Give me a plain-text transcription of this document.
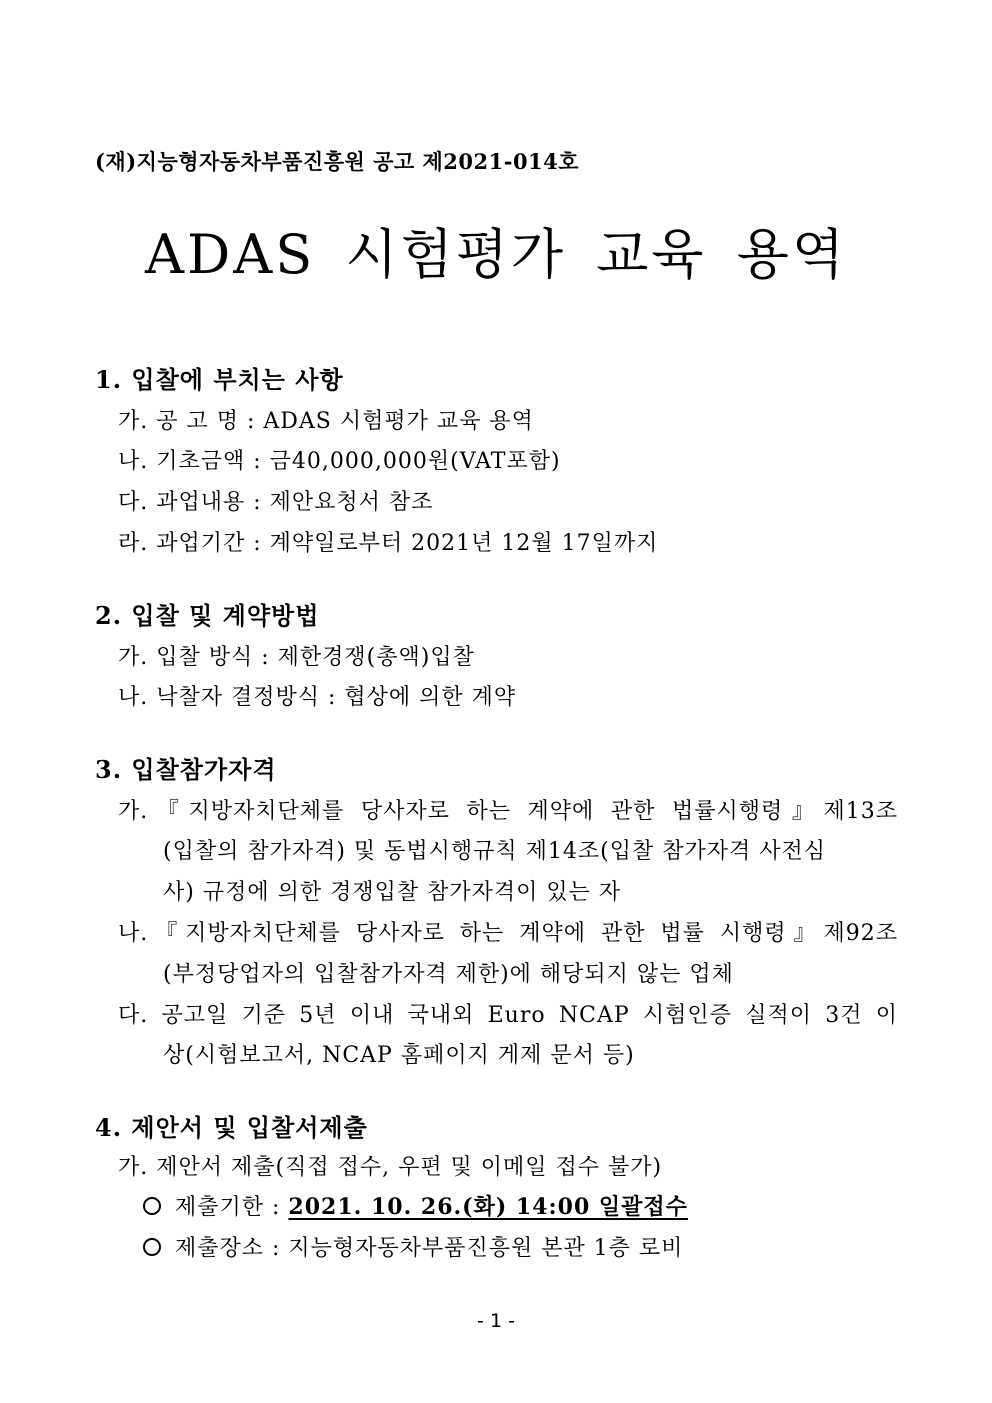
(재)지능형자동차부품진흥원 공고 제2021-014호
ADAS 시험평가 교육 용역
1. 입찰에 부치는 사항
가. 공 고 명 : ADAS 시험평가 교육 용역
나. 기초금액 : 금40,000,000원(VAT포함)
다. 과업내용 : 제안요청서 참조
라. 과업기간 : 계약일로부터 2021년 12월 17일까지
2. 입찰 및 계약방법
가. 입찰 방식 : 제한경쟁(총액)입찰
나. 낙찰자 결정방식 : 협상에 의한 계약
3. 입찰참가자격
가.『지방자치단체를 당사자로 하는 계약에 관한 법률시행령』제13조
(입찰의 참가자격) 및 동법시행규칙 제14조(입찰 참가자격 사전심
사) 규정에 의한 경쟁입찰 참가자격이 있는 자
나.『지방자치단체를 당사자로 하는 계약에 관한 법률 시행령』제92조
(부정당업자의 입찰참가자격 제한)에 해당되지 않는 업체
다. 공고일 기준 5년 이내 국내외 Euro NCAP 시험인증 실적이 3건 이
상(시험보고서, NCAP 홈페이지 게제 문서 등)
4. 제안서 및 입찰서제출
가. 제안서 제출(직접 접수, 우편 및 이메일 접수 불가)
제출기한 : 2021. 10. 26.(화) 14:00 일괄접수
제출장소 : 지능형자동차부품진흥원 본관 1층 로비
- 1 -
